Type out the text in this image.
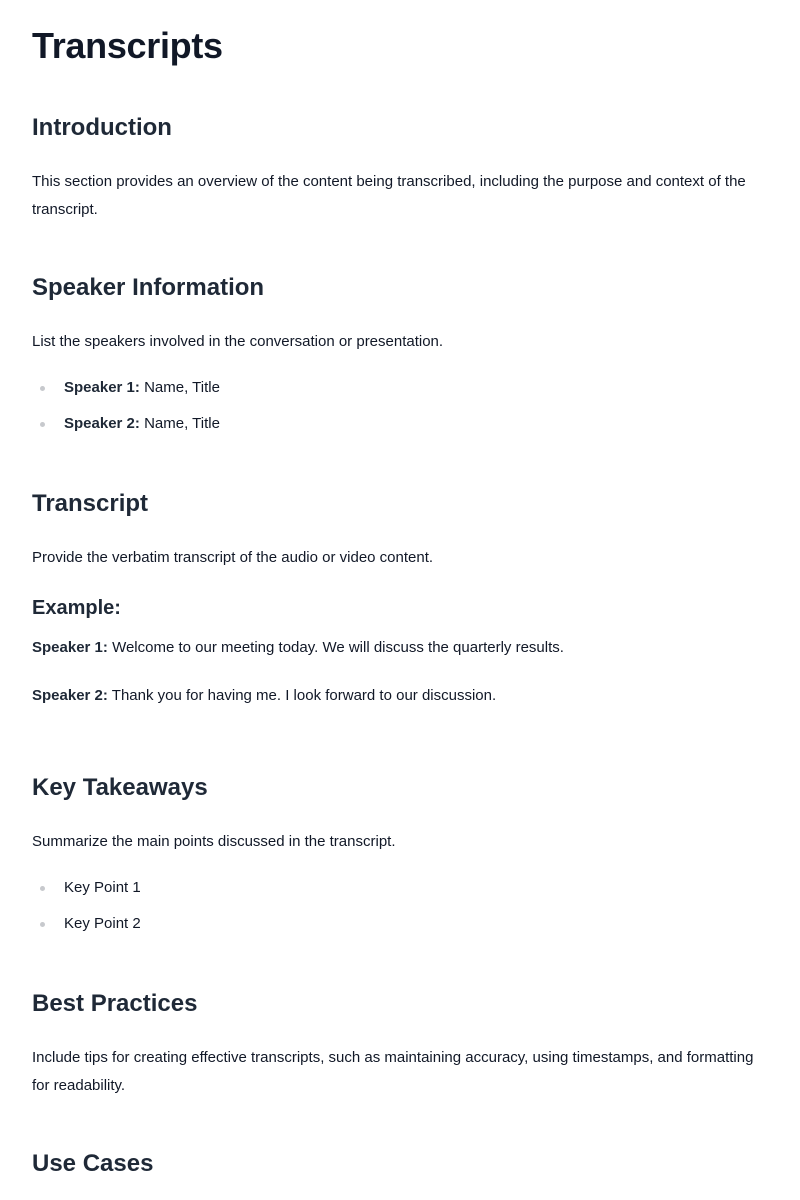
Transcripts
Introduction

This section provides an overview of the content being transcribed, including the purpose and context of the transcript.

Speaker Information

List the speakers involved in the conversation or presentation.

Speaker 1: Name, Title
Speaker 2: Name, Title
Transcript

Provide the verbatim transcript of the audio or video content.

Example:

Speaker 1: Welcome to our meeting today. We will discuss the quarterly results.

Speaker 2: Thank you for having me. I look forward to our discussion.

Key Takeaways

Summarize the main points discussed in the transcript.

Key Point 1
Key Point 2
Best Practices

Include tips for creating effective transcripts, such as maintaining accuracy, using timestamps, and formatting for readability.

Use Cases
